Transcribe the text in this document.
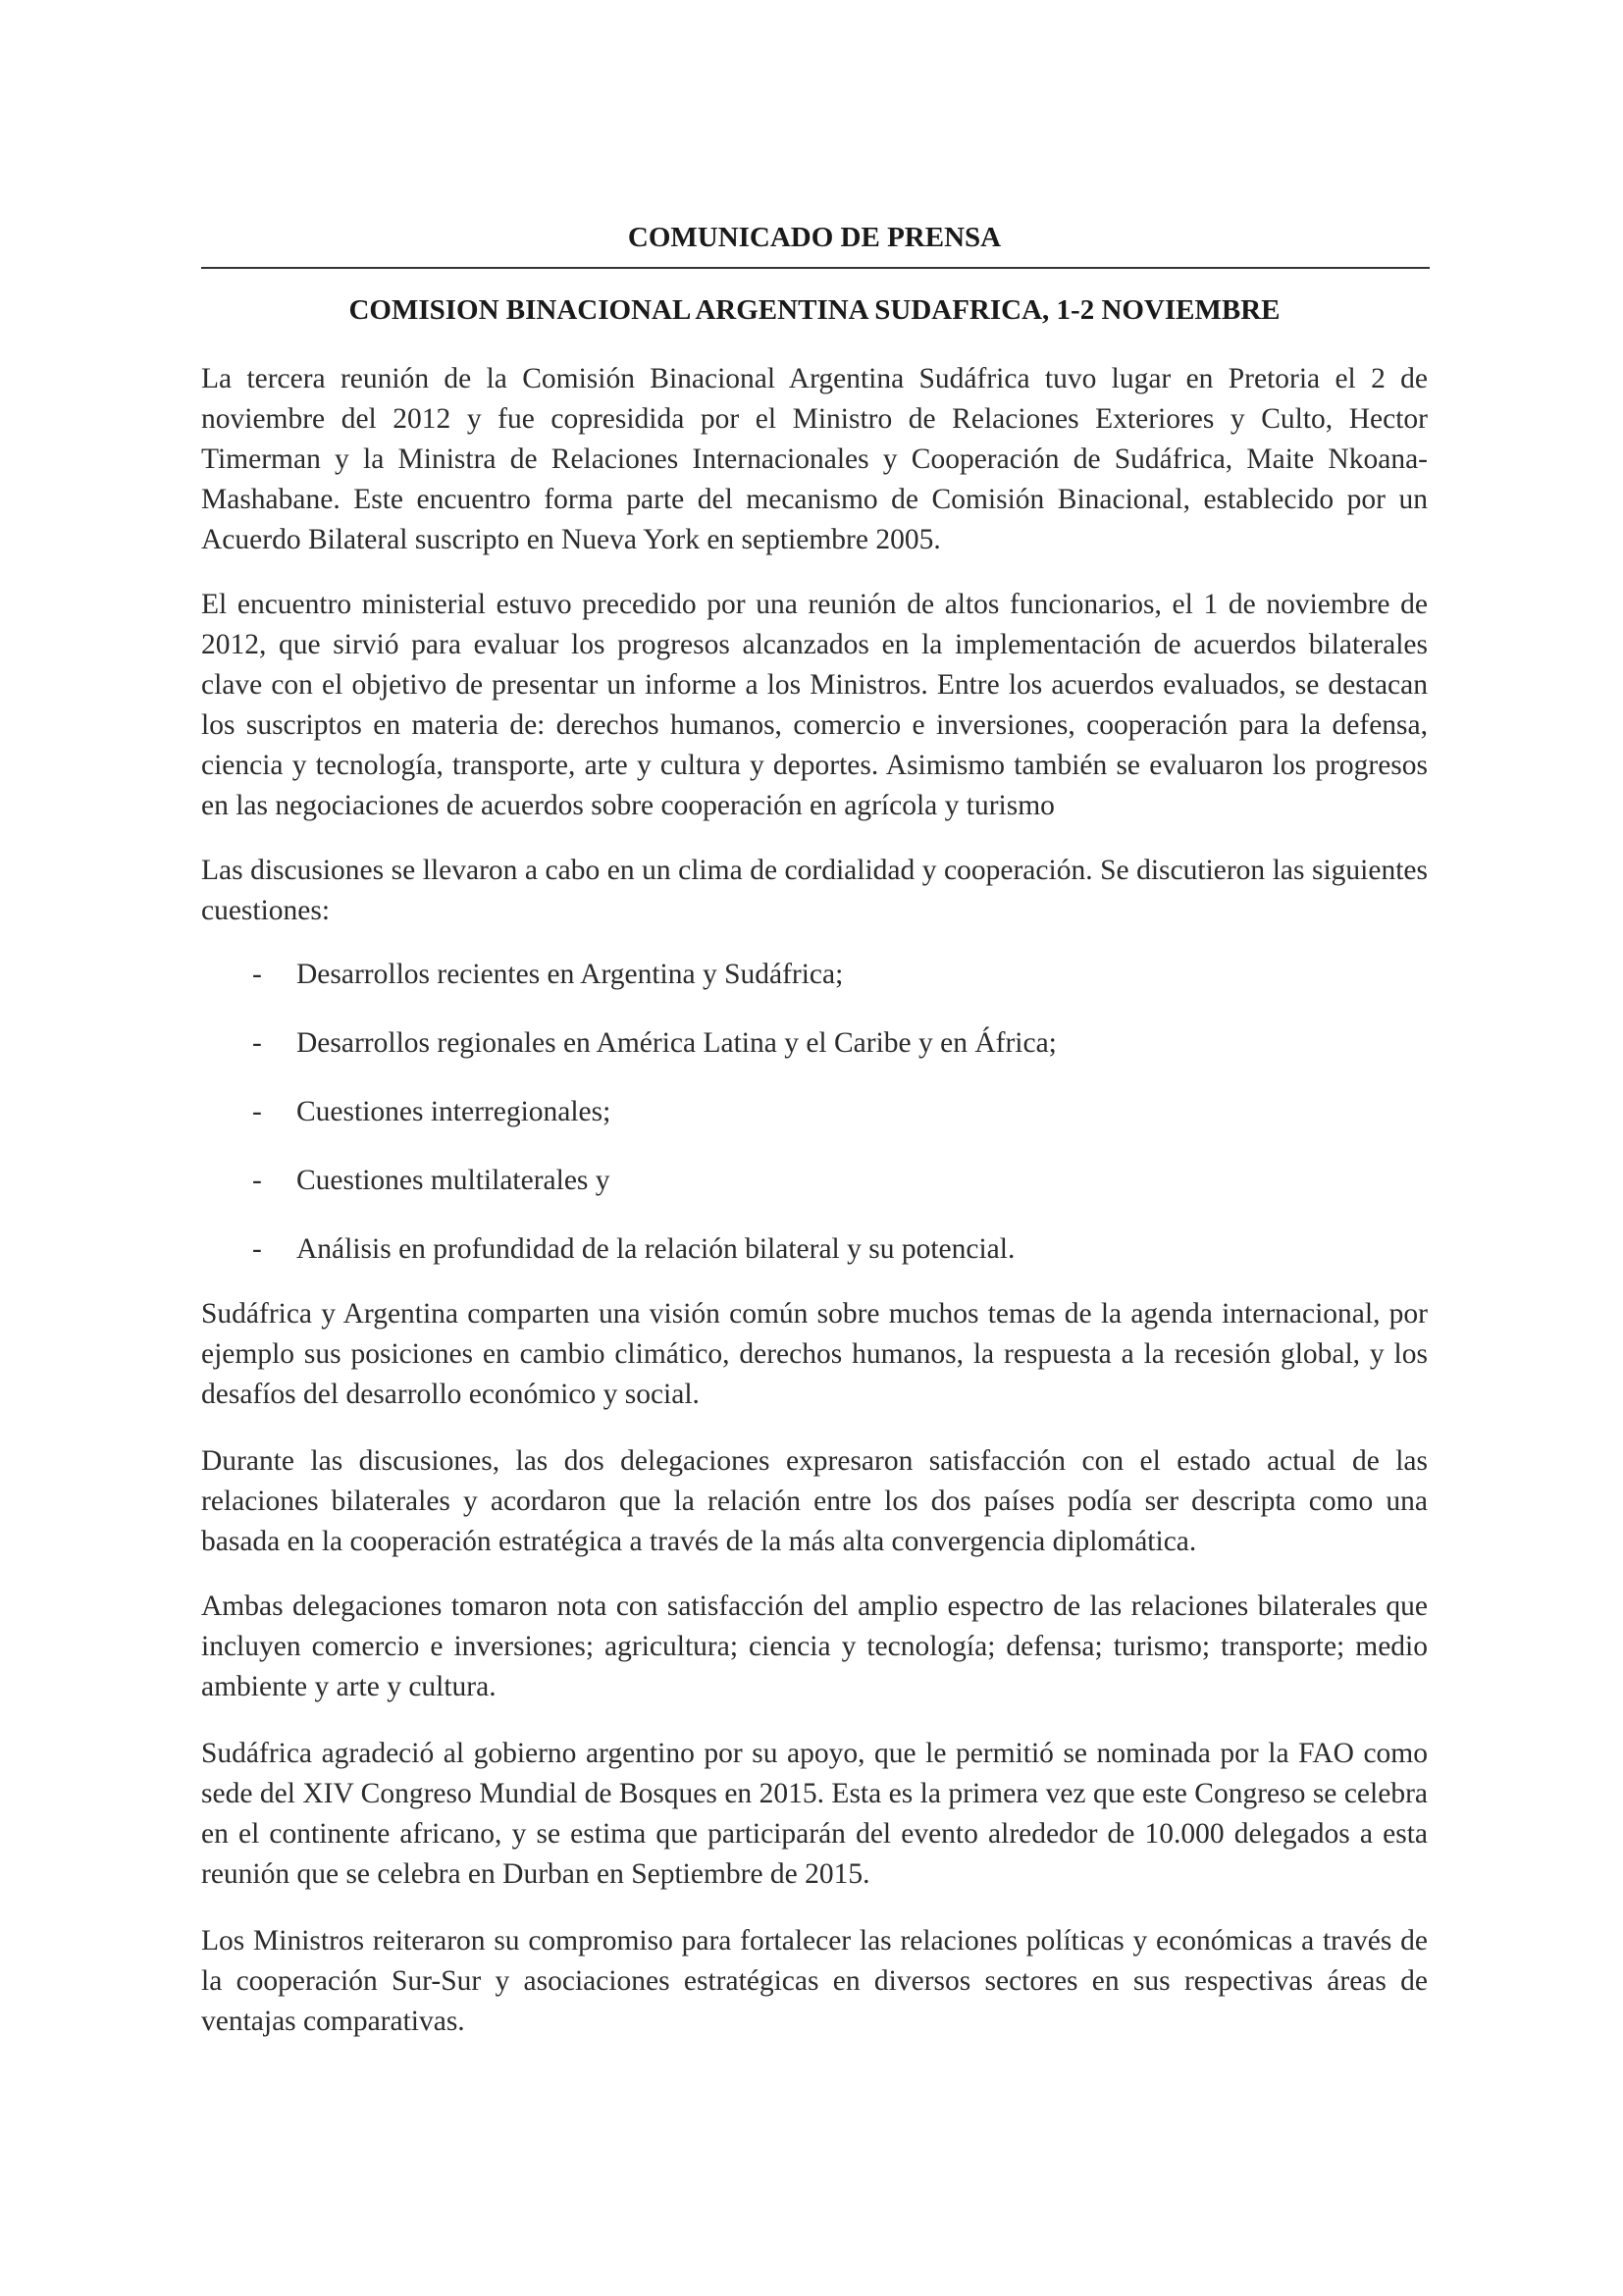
COMUNICADO DE PRENSA
COMISION BINACIONAL ARGENTINA SUDAFRICA, 1-2 NOVIEMBRE

La tercera reunión de la Comisión Binacional Argentina Sudáfrica tuvo lugar en Pretoria el 2 de noviembre del 2012 y fue copresidida por el Ministro de Relaciones Exteriores y Culto, Hector Timerman y la Ministra de Relaciones Internacionales y Cooperación de Sudáfrica, Maite Nkoana-Mashabane. Este encuentro forma parte del mecanismo de Comisión Binacional, establecido por un Acuerdo Bilateral suscripto en Nueva York en septiembre 2005.

El encuentro ministerial estuvo precedido por una reunión de altos funcionarios, el 1 de noviembre de 2012, que sirvió para evaluar los progresos alcanzados en la implementación de acuerdos bilaterales clave con el objetivo de presentar un informe a los Ministros. Entre los acuerdos evaluados, se destacan los suscriptos en materia de: derechos humanos, comercio e inversiones, cooperación para la defensa, ciencia y tecnología, transporte, arte y cultura y deportes. Asimismo también se evaluaron los progresos en las negociaciones de acuerdos sobre cooperación en agrícola y turismo

Las discusiones se llevaron a cabo en un clima de cordialidad y cooperación. Se discutieron las siguientes cuestiones:

- Desarrollos recientes en Argentina y Sudáfrica;
- Desarrollos regionales en América Latina y el Caribe y en África;
- Cuestiones interregionales;
- Cuestiones multilaterales y
- Análisis en profundidad de la relación bilateral y su potencial.

Sudáfrica y Argentina comparten una visión común sobre muchos temas de la agenda internacional, por ejemplo sus posiciones en cambio climático, derechos humanos, la respuesta a la recesión global, y los desafíos del desarrollo económico y social.

Durante las discusiones, las dos delegaciones expresaron satisfacción con el estado actual de las relaciones bilaterales y acordaron que la relación entre los dos países podía ser descripta como una basada en la cooperación estratégica a través de la más alta convergencia diplomática.

Ambas delegaciones tomaron nota con satisfacción del amplio espectro de las relaciones bilaterales que incluyen comercio e inversiones; agricultura; ciencia y tecnología; defensa; turismo; transporte; medio ambiente y arte y cultura.

Sudáfrica agradeció al gobierno argentino por su apoyo, que le permitió se nominada por la FAO como sede del XIV Congreso Mundial de Bosques en 2015. Esta es la primera vez que este Congreso se celebra en el continente africano, y se estima que participarán del evento alrededor de 10.000 delegados a esta reunión que se celebra en Durban en Septiembre de 2015.

Los Ministros reiteraron su compromiso para fortalecer las relaciones políticas y económicas a través de la cooperación Sur-Sur y asociaciones estratégicas en diversos sectores en sus respectivas áreas de ventajas comparativas.
